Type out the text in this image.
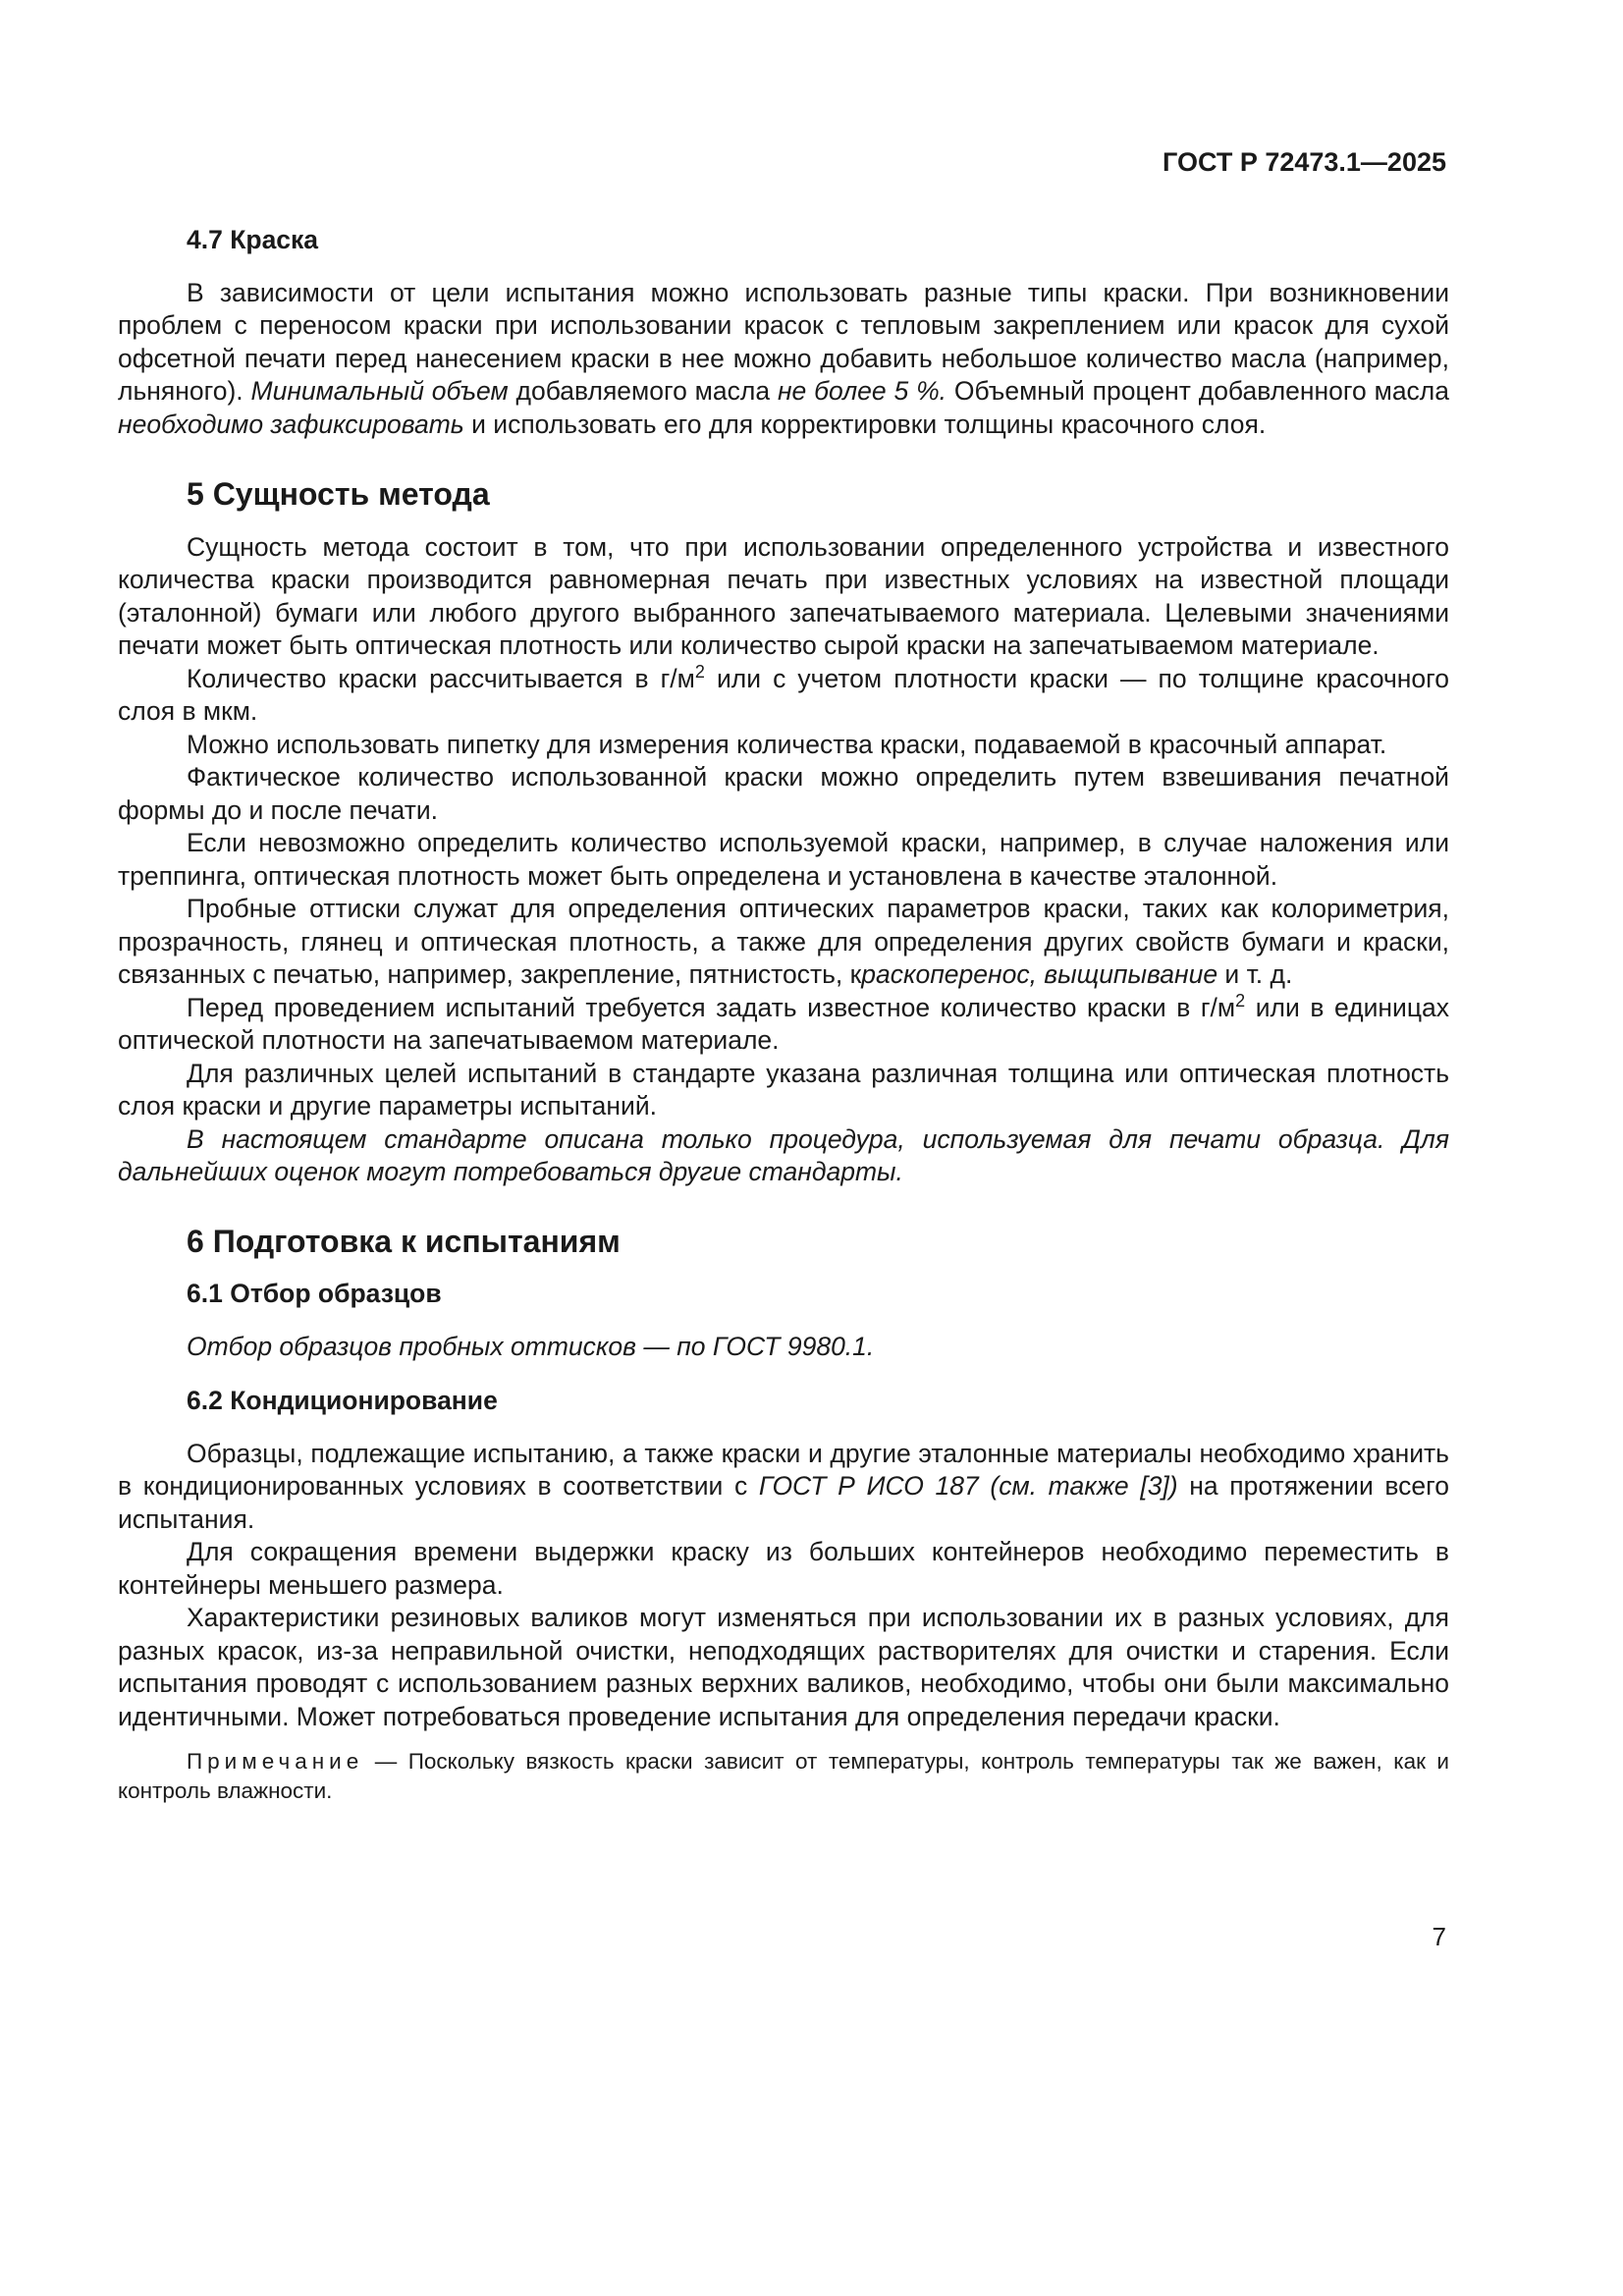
ГОСТ Р 72473.1—2025
4.7 Краска

В зависимости от цели испытания можно использовать разные типы краски. При возникновении проблем с переносом краски при использовании красок с тепловым закреплением или красок для сухой офсетной печати перед нанесением краски в нее можно добавить небольшое количество масла (например, льняного). Минимальный объем добавляемого масла не более 5 %. Объемный процент добавленного масла необходимо зафиксировать и использовать его для корректировки толщины красочного слоя.

5 Сущность метода

Сущность метода состоит в том, что при использовании определенного устройства и известного количества краски производится равномерная печать при известных условиях на известной площади (эталонной) бумаги или любого другого выбранного запечатываемого материала. Целевыми значениями печати может быть оптическая плотность или количество сырой краски на запечатываемом материале.

Количество краски рассчитывается в $г/м^2$ или с учетом плотности краски — по толщине красочного слоя в мкм.

Можно использовать пипетку для измерения количества краски, подаваемой в красочный аппарат.

Фактическое количество использованной краски можно определить путем взвешивания печатной формы до и после печати.

Если невозможно определить количество используемой краски, например, в случае наложения или треппинга, оптическая плотность может быть определена и установлена в качестве эталонной.

Пробные оттиски служат для определения оптических параметров краски, таких как колориметрия, прозрачность, глянец и оптическая плотность, а также для определения других свойств бумаги и краски, связанных с печатью, например, закрепление, пятнистость, краскоперенос, выщипывание и т. д.

Перед проведением испытаний требуется задать известное количество краски в $г/м^2$ или в единицах оптической плотности на запечатываемом материале.

Для различных целей испытаний в стандарте указана различная толщина или оптическая плотность слоя краски и другие параметры испытаний.

В настоящем стандарте описана только процедура, используемая для печати образца. Для дальнейших оценок могут потребоваться другие стандарты.

6 Подготовка к испытаниям
6.1 Отбор образцов

Отбор образцов пробных оттисков — по ГОСТ 9980.1.

6.2 Кондиционирование

Образцы, подлежащие испытанию, а также краски и другие эталонные материалы необходимо хранить в кондиционированных условиях в соответствии с ГОСТ Р ИСО 187 (см. также [3]) на протяжении всего испытания.

Для сокращения времени выдержки краску из больших контейнеров необходимо переместить в контейнеры меньшего размера.

Характеристики резиновых валиков могут изменяться при использовании их в разных условиях, для разных красок, из-за неправильной очистки, неподходящих растворителях для очистки и старения. Если испытания проводят с использованием разных верхних валиков, необходимо, чтобы они были максимально идентичными. Может потребоваться проведение испытания для определения передачи краски.

Примечание — Поскольку вязкость краски зависит от температуры, контроль температуры так же важен, как и контроль влажности.
7
